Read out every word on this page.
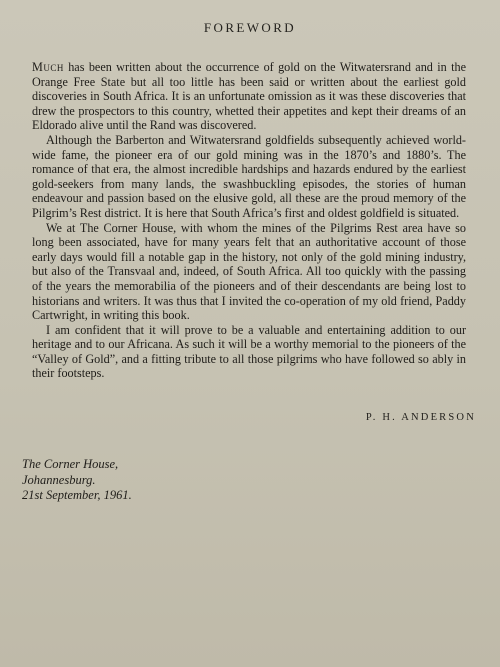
FOREWORD

Much has been written about the occurrence of gold on the Witwatersrand and in the Orange Free State but all too little has been said or written about the earliest gold discoveries in South Africa. It is an unfortunate omission as it was these discoveries that drew the prospectors to this country, whetted their appetites and kept their dreams of an Eldorado alive until the Rand was discovered.

Although the Barberton and Witwatersrand goldfields subsequently achieved world-wide fame, the pioneer era of our gold mining was in the 1870’s and 1880’s. The romance of that era, the almost incredible hardships and hazards endured by the earliest gold-seekers from many lands, the swashbuckling episodes, the stories of human endeavour and passion based on the elusive gold, all these are the proud memory of the Pilgrim’s Rest district. It is here that South Africa’s first and oldest goldfield is situated.

We at The Corner House, with whom the mines of the Pilgrims Rest area have so long been associated, have for many years felt that an authoritative account of those early days would fill a notable gap in the history, not only of the gold mining industry, but also of the Transvaal and, indeed, of South Africa. All too quickly with the passing of the years the memorabilia of the pioneers and of their descendants are being lost to historians and writers. It was thus that I invited the co-operation of my old friend, Paddy Cartwright, in writing this book.

I am confident that it will prove to be a valuable and entertaining addition to our heritage and to our Africana. As such it will be a worthy memorial to the pioneers of the “Valley of Gold”, and a fitting tribute to all those pilgrims who have followed so ably in their footsteps.

P. H. ANDERSON
The Corner House,
Johannesburg.
21st September, 1961.
